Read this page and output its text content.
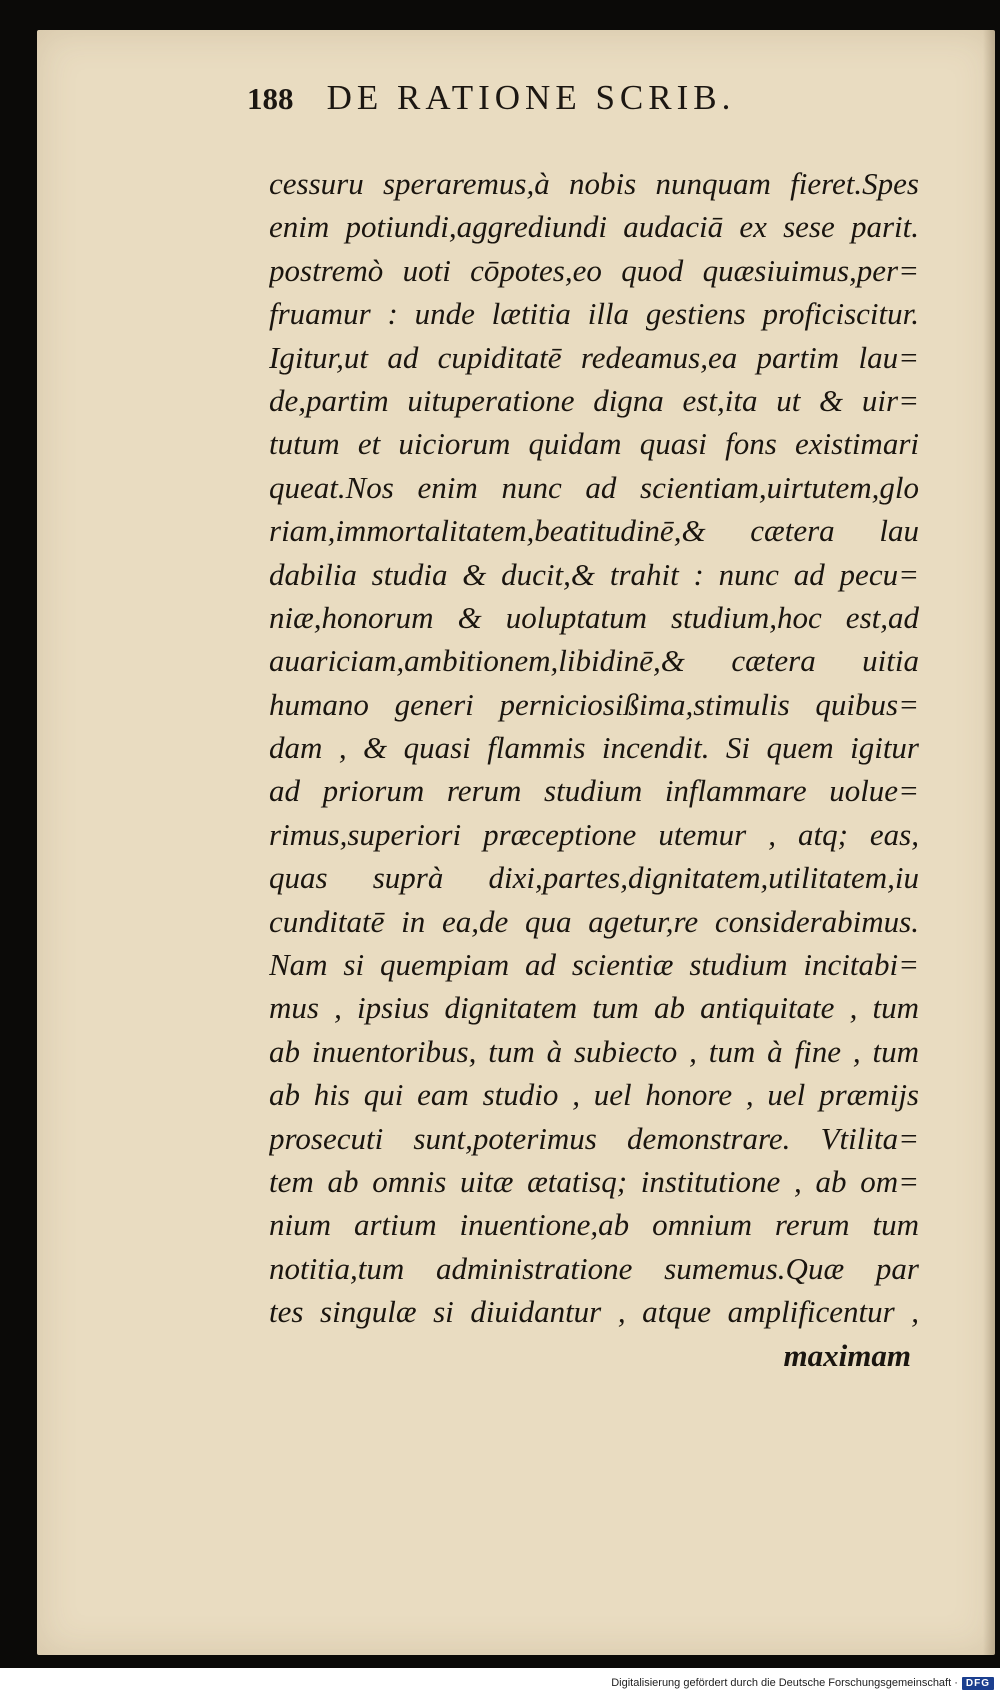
188 DE RATIONE SCRIB.
cessuru speraremus,à nobis nunquam fieret.Spes
enim potiundi,aggrediundi audaciā ex sese parit.
postremò uoti cōpotes,eo quod quæsiuimus,per=
fruamur : unde lætitia illa gestiens proficiscitur.
Igitur,ut ad cupiditatē redeamus,ea partim lau=
de,partim uituperatione digna est,ita ut & uir=
tutum et uiciorum quidam quasi fons existimari
queat.Nos enim nunc ad scientiam,uirtutem,glo
riam,immortalitatem,beatitudinē,& cætera lau
dabilia studia & ducit,& trahit : nunc ad pecu=
niæ,honorum & uoluptatum studium,hoc est,ad
auariciam,ambitionem,libidinē,& cætera uitia
humano generi perniciosißima,stimulis quibus=
dam , & quasi flammis incendit. Si quem igitur
ad priorum rerum studium inflammare uolue=
rimus,superiori præceptione utemur , atq; eas,
quas suprà dixi,partes,dignitatem,utilitatem,iu
cunditatē in ea,de qua agetur,re considerabimus.
Nam si quempiam ad scientiæ studium incitabi=
mus , ipsius dignitatem tum ab antiquitate , tum
ab inuentoribus, tum à subiecto , tum à fine , tum
ab his qui eam studio , uel honore , uel præmijs
prosecuti sunt,poterimus demonstrare. Vtilita=
tem ab omnis uitæ ætatisq; institutione , ab om=
nium artium inuentione,ab omnium rerum tum
notitia,tum administratione sumemus.Quæ par
tes singulæ si diuidantur , atque amplificentur ,
maximam
Digitalisierung gefördert durch die Deutsche Forschungsgemeinschaft · DFG
